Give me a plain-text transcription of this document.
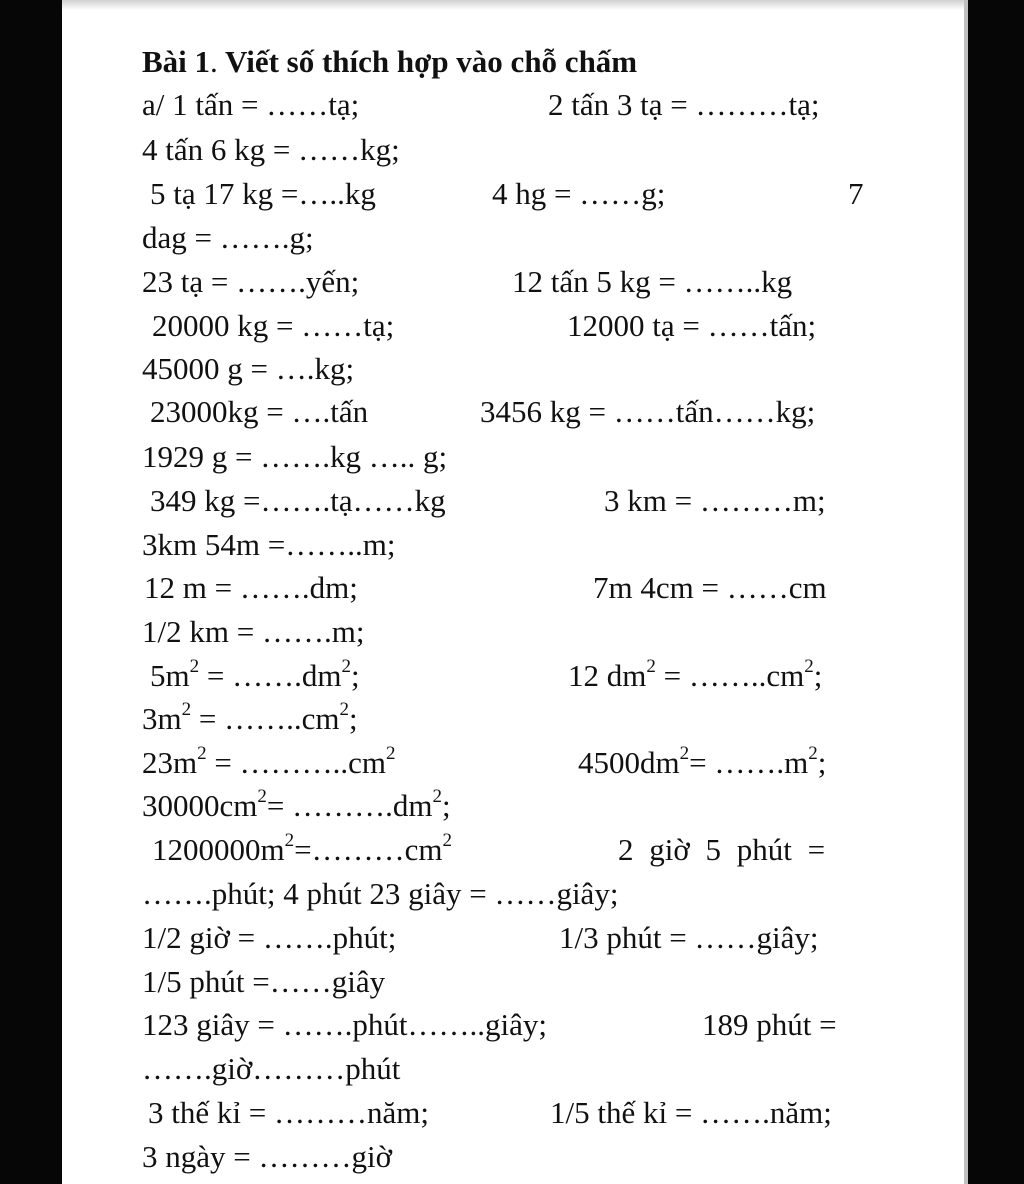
Bài 1. Viết số thích hợp vào chỗ chấm
a/ 1 tấn = ……tạ;	2 tấn 3 tạ = ………tạ;
4 tấn 6 kg = ……kg;
5 tạ 17 kg =…..kg	4 hg = ……g;	7
dag = …….g;
23 tạ = …….yến;	12 tấn 5 kg = ……..kg
20000 kg = ……tạ;	12000 tạ = ……tấn;
45000 g = ….kg;
23000kg = ….tấn	3456 kg = ……tấn……kg;
1929 g = …….kg ….. g;
349 kg =…….tạ……kg	3 km = ………m;
3km 54m =……..m;
12 m = …….dm;	7m 4cm = ……cm
1/2 km = …….m;
$5m^2$ = $\dots\dots.dm^2$;	12 $dm^2$ = $\dots\dots..cm^2$;
$3m^2$ = $\dots\dots..cm^2$;
$23m^2$ = $\dots\dots\dots..cm^2$	$4500dm^2=$ $\dots\dots.m^2$;
$30000cm^2=$ $\dots\dots\dots.dm^2$;
$1200000m^2=\dots\dots\dots cm^2$	2 giờ 5 phút =
…….phút; 4 phút 23 giây = ……giây;
1/2 giờ = …….phút;	1/3 phút = ……giây;
1/5 phút =……giây
123 giây = …….phút……..giây;	189 phút =
…….giờ………phút
3 thế kỉ = ………năm;	1/5 thế kỉ = …….năm;
3 ngày = ………giờ
